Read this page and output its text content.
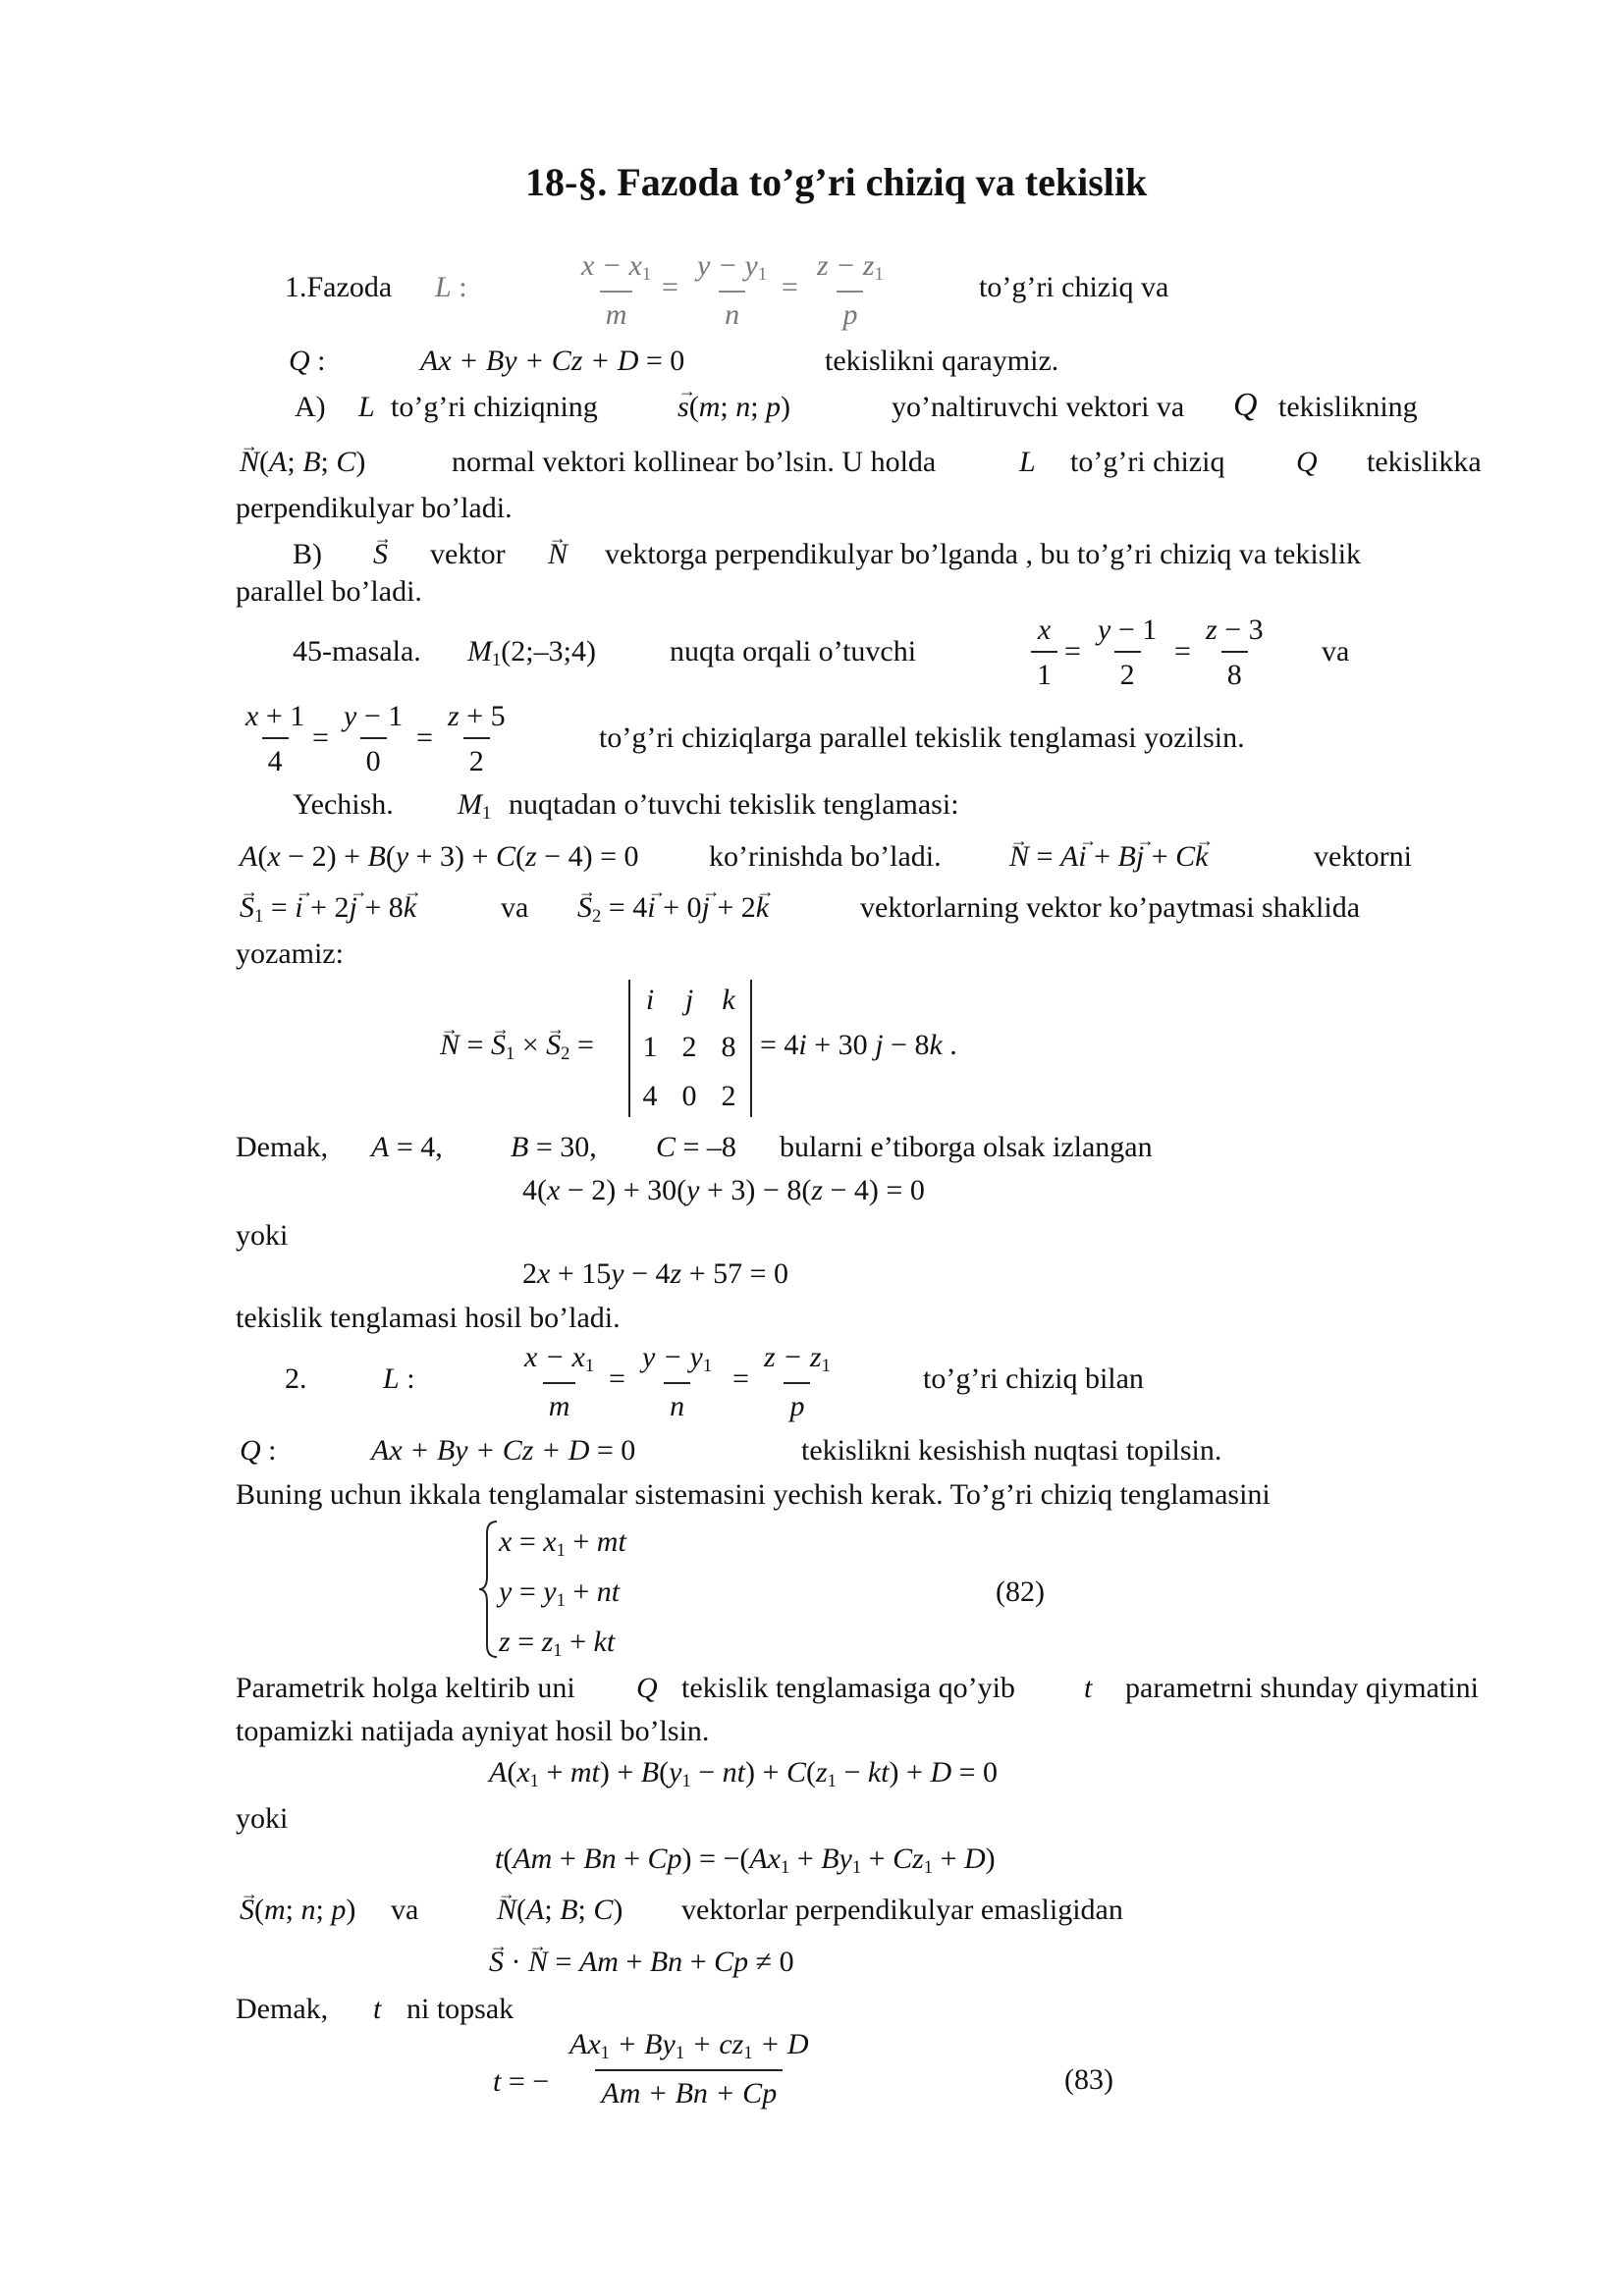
18-§. Fazoda to’g’ri chiziq va tekislik
1.Fazoda L :	$\frac{x - x_1}{m} = \frac{y - y_1}{n} = \frac{z - z_1}{p}$	to’g’ri chiziq va
Q :	Ax + By + Cz + D = 0	tekislikni qaraymiz.
A) L to’g’ri chiziqning	→ s(m; n; p)	yo’naltiruvchi vektori va Q tekislikning
→ N(A; B; C)	normal vektori kollinear bo’lsin. U holda	L to’g’ri chiziq Q tekislikka
perpendikulyar bo’ladi.
B) → S vektor → N vektorga perpendikulyar bo’lganda , bu to’g’ri chiziq va tekislik
parallel bo’ladi.
45-masala. $M_1(2;-3;4)$	nuqta orqali o’tuvchi	$\frac{x}{1} = \frac{y - 1}{2} = \frac{z - 3}{8}$ va
$\frac{x + 1}{4} = \frac{y - 1}{0} = \frac{z + 5}{2}$	to’g’ri chiziqlarga parallel tekislik tenglamasi yozilsin.
Yechish. $M_1$ nuqtadan o’tuvchi tekislik tenglamasi:
A(x − 2) + B(y + 3) + C(z − 4) = 0 ko’rinishda bo’ladi. → N = A→ i + B→ j + C→ k	vektorni
→ $S_1$ = → i + 2→ j + 8→ k	va → $S_2 = 4\to i + 0\to j + 2\to k$	vektorlarning vektor ko’paytmasi shaklida
yozamiz:
→ N = → $S_1$ × → $S_2$ =
i	j k
1 2 8
4 0 2
= 4i + 30 j − 8k .
Demak, A = 4, B = 30, C = –8 bularni e’tiborga olsak izlangan
4(x − 2) + 30(y + 3) − 8(z − 4) = 0
yoki
2x + 15y − 4z + 57 = 0
tekislik tenglamasi hosil bo’ladi.
2.	L :	$\frac{x - x_1}{m} = \frac{y - y_1}{n} = \frac{z - z_1}{p}$	to’g’ri chiziq bilan
Q :	Ax + By + Cz + D = 0	tekislikni kesishish nuqtasi topilsin.
Buning uchun ikkala tenglamalar sistemasini yechish kerak. To’g’ri chiziq tenglamasini
$x = x_1$ + mt
$y = y_1$ + nt
$z = z_1$ + kt
(82)
Parametrik holga keltirib uni Q tekislik tenglamasiga qo’yib t parametrni shunday qiymatini
topamizki natijada ayniyat hosil bo’lsin.
$A(x_1 + mt) + B(y_1 - nt) + C(z_1 - kt) + D = 0$
yoki
$t(Am + Bn + Cp) = -(Ax_1 + By_1 + Cz_1 + D)$
→ S(m; n; p) va	→ N(A; B; C) vektorlar perpendikulyar emasligidan
→ S · → N = Am + Bn + Cp ≠ 0
Demak, t ni topsak
t = − $\frac{Ax_1 + By_1 + cz_1 + D}{Am + Bn + Cp}$	(83)
